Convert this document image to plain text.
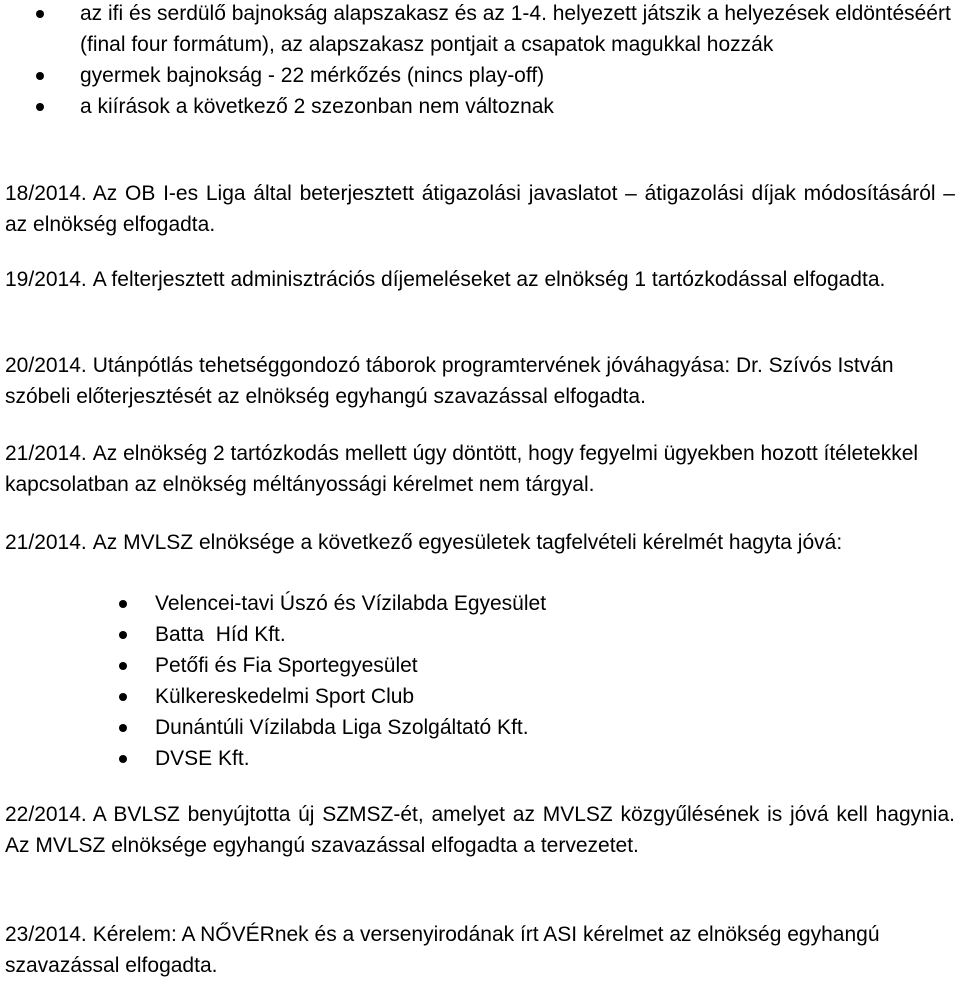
az ifi és serdülő bajnokság alapszakasz és az 1-4. helyezett játszik a helyezések eldöntéséért (final four formátum), az alapszakasz pontjait a csapatok magukkal hozzák
gyermek bajnokság - 22 mérkőzés (nincs play-off)
a kiírások a következő 2 szezonban nem változnak

18/2014. Az OB I-es Liga által beterjesztett átigazolási javaslatot – átigazolási díjak módosításáról – az elnökség elfogadta.

19/2014. A felterjesztett adminisztrációs díjemeléseket az elnökség 1 tartózkodással elfogadta.

20/2014. Utánpótlás tehetséggondozó táborok programtervének jóváhagyása: Dr. Szívós István szóbeli előterjesztését az elnökség egyhangú szavazással elfogadta.

21/2014. Az elnökség 2 tartózkodás mellett úgy döntött, hogy fegyelmi ügyekben hozott ítéletekkel kapcsolatban az elnökség méltányossági kérelmet nem tárgyal.

21/2014. Az MVLSZ elnöksége a következő egyesületek tagfelvételi kérelmét hagyta jóvá:

Velencei-tavi Úszó és Vízilabda Egyesület
Batta  Híd Kft.
Petőfi és Fia Sportegyesület
Külkereskedelmi Sport Club
Dunántúli Vízilabda Liga Szolgáltató Kft.
DVSE Kft.

22/2014. A BVLSZ benyújtotta új SZMSZ-ét, amelyet az MVLSZ közgyűlésének is jóvá kell hagynia. Az MVLSZ elnöksége egyhangú szavazással elfogadta a tervezetet.

23/2014. Kérelem: A NŐVÉRnek és a versenyirodának írt ASI kérelmet az elnökség egyhangú szavazással elfogadta.
